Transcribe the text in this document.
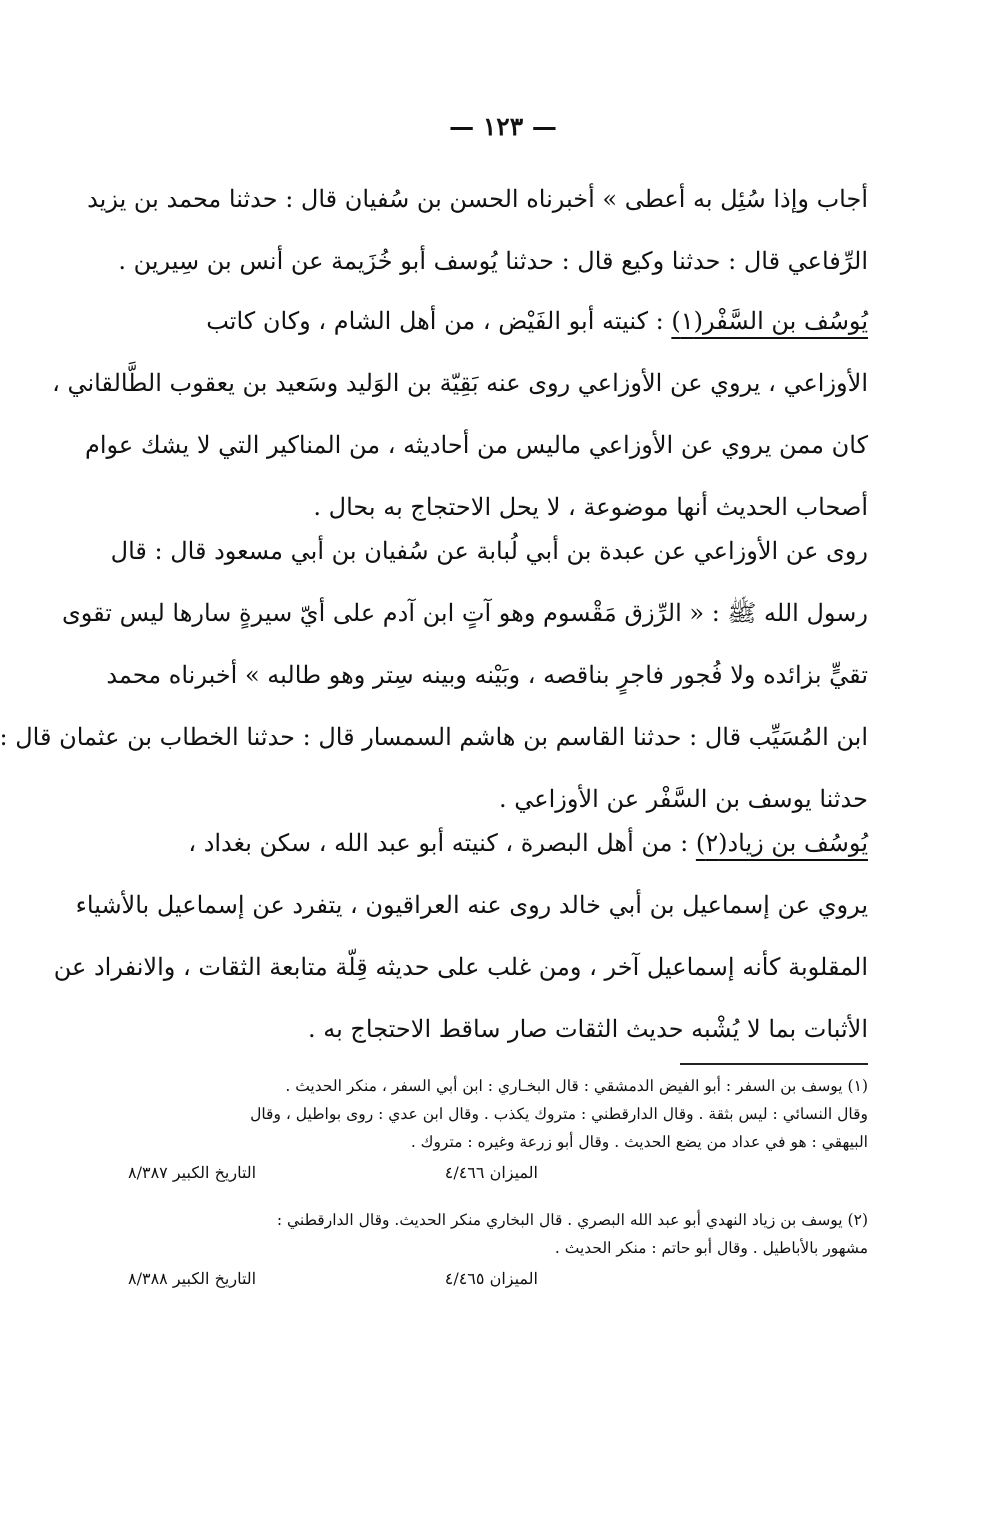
— ١٢٣ —
أجاب وإذا سُئِل به أعطى » أخبرناه الحسن بن سُفيان قال : حدثنا محمد بن يزيد
الرِّفاعي قال : حدثنا وكيع قال : حدثنا يُوسف أبو خُزَيمة عن أنس بن سِيرين .
يُوسُف بن السَّفْر(١) : كنيته أبو الفَيْض ، من أهل الشام ، وكان كاتب
الأوزاعي ، يروي عن الأوزاعي روى عنه بَقِيّة بن الوَليد وسَعيد بن يعقوب الطَّالقاني ،
كان ممن يروي عن الأوزاعي ماليس من أحاديثه ، من المناكير التي لا يشك عوام
أصحاب الحديث أنها موضوعة ، لا يحل الاحتجاج به بحال .
روى عن الأوزاعي عن عبدة بن أبي لُبابة عن سُفيان بن أبي مسعود قال : قال
رسول الله ﷺ : « الرِّزق مَقْسوم وهو آتٍ ابن آدم على أيّ سيرةٍ سارها ليس تقوى
تقيٍّ بزائده ولا فُجور فاجرٍ بناقصه ، وبَيْنه وبينه سِتر وهو طالبه » أخبرناه محمد
ابن المُسَيِّب قال : حدثنا القاسم بن هاشم السمسار قال : حدثنا الخطاب بن عثمان قال :
حدثنا يوسف بن السَّفْر عن الأوزاعي .
يُوسُف بن زياد(٢) : من أهل البصرة ، كنيته أبو عبد الله ، سكن بغداد ،
يروي عن إسماعيل بن أبي خالد روى عنه العراقيون ، يتفرد عن إسماعيل بالأشياء
المقلوبة كأنه إسماعيل آخر ، ومن غلب على حديثه قِلّة متابعة الثقات ، والانفراد عن
الأثبات بما لا يُشْبه حديث الثقات صار ساقط الاحتجاج به .
(١) يوسف بن السفر : أبو الفيض الدمشقي : قال البخـاري : ابن أبي السفر ، منكر الحديث .
وقال النسائي : ليس بثقة . وقال الدارقطني : متروك يكذب . وقال ابن عدي : روى بواطيل ، وقال
البيهقي : هو في عداد من يضع الحديث . وقال أبو زرعة وغيره : متروك .
الميزان ٤/٤٦٦
التاريخ الكبير ٨/٣٨٧
(٢) يوسف بن زياد النهدي أبو عبد الله البصري . قال البخاري منكر الحديث. وقال الدارقطني :
مشهور بالأباطيل . وقال أبو حاتم : منكر الحديث .
الميزان ٤/٤٦٥
التاريخ الكبير ٨/٣٨٨
